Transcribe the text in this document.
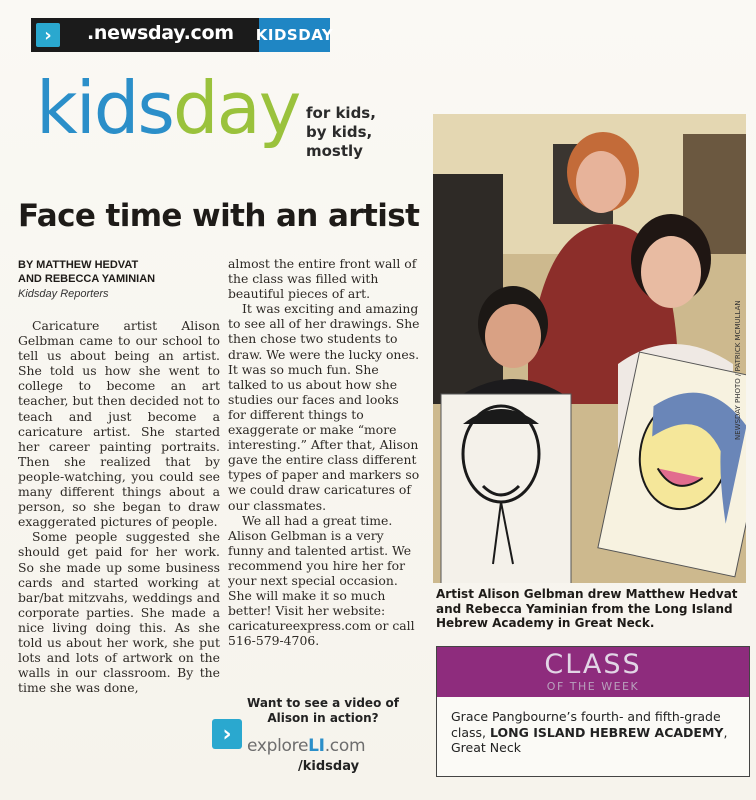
›	.newsday.com KIDSDAY
kidsday for kids,
by kids,
mostly
Face time with an artist
BY MATTHEW HEDVAT
AND REBECCA YAMINIAN
Kidsday Reporters

Caricature artist Alison Gelbman came to our school to tell us about being an artist. She told us how she went to college to become an art teacher, but then decided not to teach and just become a caricature artist. She started her career painting portraits. Then she realized that by people-watching, you could see many different things about a person, so she began to draw exaggerated pictures of people.

Some people suggested she should get paid for her work. So she made up some business cards and started working at bar/bat mitzvahs, weddings and corporate parties. She made a nice living doing this. As she told us about her work, she put lots and lots of artwork on the walls in our classroom. By the time she was done,

almost the entire front wall of the class was filled with beautiful pieces of art.

It was exciting and amazing to see all of her drawings. She then chose two students to draw. We were the lucky ones. It was so much fun. She talked to us about how she studies our faces and looks for different things to exaggerate or make “more interesting.” After that, Alison gave the entire class different types of paper and markers so we could draw caricatures of our classmates.

We all had a great time. Alison Gelbman is a very funny and talented artist. We recommend you hire her for your next special occasion. She will make it so much better! Visit her website: caricatureexpress.com or call 516-579-4706.

Want to see a video of Alison in action?
› exploreLI.com
/kidsday
NEWSDAY PHOTO / PATRICK MCMULLAN
Artist Alison Gelbman drew Matthew Hedvat and Rebecca Yaminian from the Long Island Hebrew Academy in Great Neck.
CLASS
OF THE WEEK
Grace Pangbourne’s fourth- and fifth-grade class, LONG ISLAND HEBREW ACADEMY, Great Neck
